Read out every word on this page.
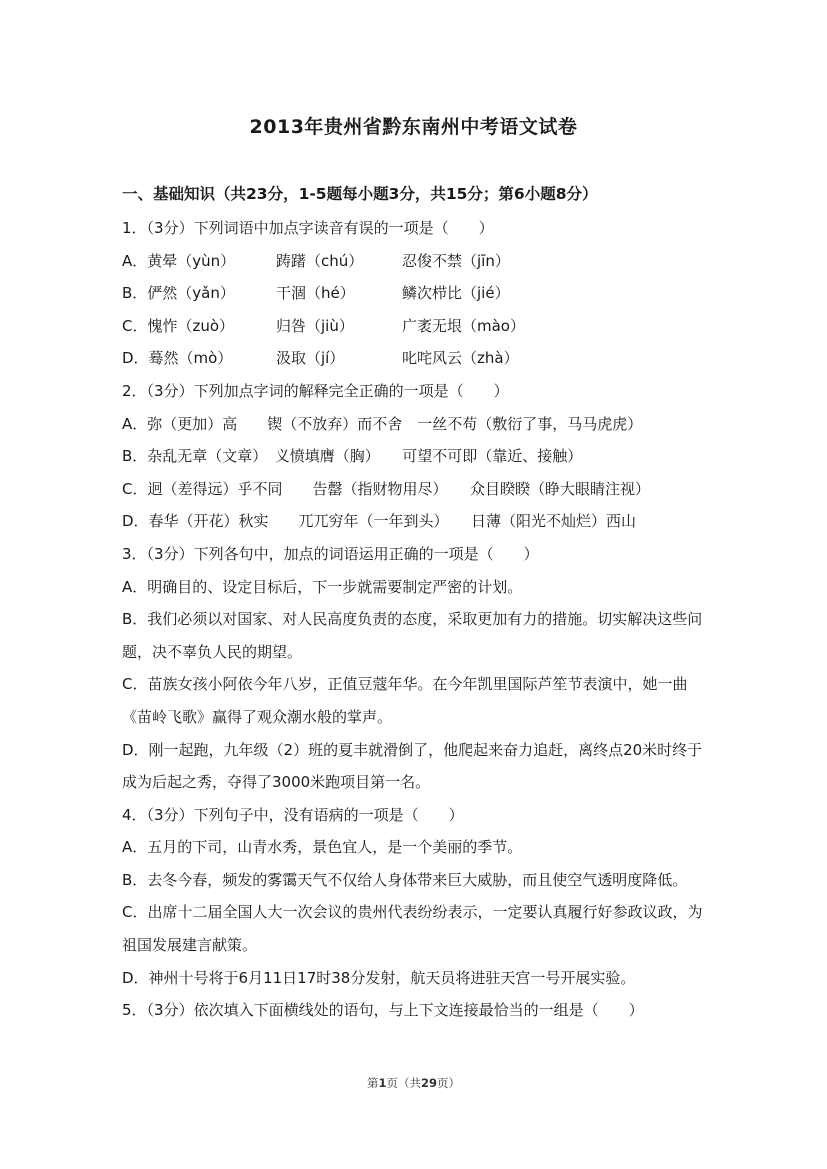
2013年贵州省黔东南州中考语文试卷
一、基础知识（共23分，1-5题每小题3分，共15分；第6小题8分）
1．（3分）下列词语中加点字读音有误的一项是（　　）
A．黄晕（yùn）	踌躇（chú）	忍俊不禁（jīn）
B．俨然（yǎn）	干涸（hé）	鳞次栉比（jié）
C．愧怍（zuò）	归咎（jiù）	广袤无垠（mào）
D．蓦然（mò）	汲取（jí）	叱咤风云（zhà）
2．（3分）下列加点字词的解释完全正确的一项是（　　）
A．弥（更加）高　　锲（不放弃）而不舍　一丝不苟（敷衍了事，马马虎虎）
B．杂乱无章（文章）　义愤填膺（胸）　　可望不可即（靠近、接触）
C．迥（差得远）乎不同　　告罄（指财物用尽）　　众目睽睽（睁大眼睛注视）
D．春华（开花）秋实　　兀兀穷年（一年到头）　　日薄（阳光不灿烂）西山
3．（3分）下列各句中，加点的词语运用正确的一项是（　　）
A．明确目的、设定目标后，下一步就需要制定严密的计划。
B．我们必须以对国家、对人民高度负责的态度，采取更加有力的措施。切实解决这些问题，决不辜负人民的期望。
C．苗族女孩小阿依今年八岁，正值豆蔻年华。在今年凯里国际芦笙节表演中，她一曲《苗岭飞歌》赢得了观众潮水般的掌声。
D．刚一起跑，九年级（2）班的夏丰就滑倒了，他爬起来奋力追赶，离终点20米时终于成为后起之秀，夺得了3000米跑项目第一名。
4．（3分）下列句子中，没有语病的一项是（　　）
A．五月的下司，山青水秀，景色宜人，是一个美丽的季节。
B．去冬今春，频发的雾霭天气不仅给人身体带来巨大威胁，而且使空气透明度降低。
C．出席十二届全国人大一次会议的贵州代表纷纷表示，一定要认真履行好参政议政，为祖国发展建言献策。
D．神州十号将于6月11日17时38分发射，航天员将进驻天宫一号开展实验。
5．（3分）依次填入下面横线处的语句，与上下文连接最恰当的一组是（　　）
第1页（共29页）
